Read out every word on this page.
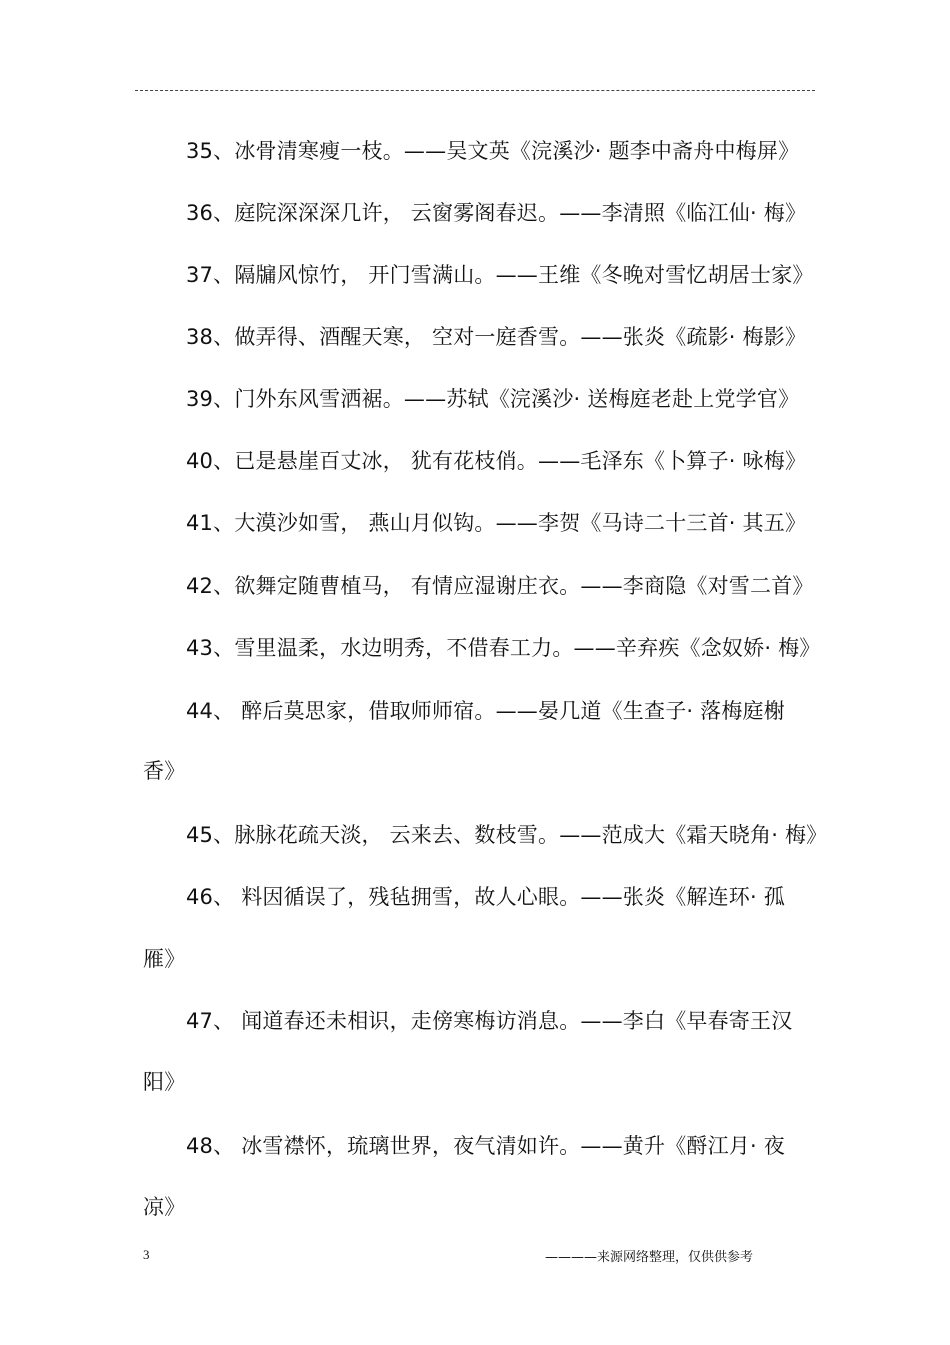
35、冰骨清寒瘦一枝。——吴文英《浣溪沙· 题李中斋舟中梅屏》
36、庭院深深深几许， 云窗雾阁春迟。——李清照《临江仙· 梅》
37、隔牖风惊竹， 开门雪满山。——王维《冬晚对雪忆胡居士家》
38、做弄得、酒醒天寒， 空对一庭香雪。——张炎《疏影· 梅影》
39、门外东风雪洒裾。——苏轼《浣溪沙· 送梅庭老赴上党学官》
40、已是悬崖百丈冰， 犹有花枝俏。——毛泽东《卜算子· 咏梅》
41、大漠沙如雪， 燕山月似钩。——李贺《马诗二十三首· 其五》
42、欲舞定随曹植马， 有情应湿谢庄衣。——李商隐《对雪二首》
43、雪里温柔，水边明秀，不借春工力。——辛弃疾《念奴娇· 梅》
44、 醉后莫思家，借取师师宿。——晏几道《生查子· 落梅庭榭
香》
45、脉脉花疏天淡， 云来去、数枝雪。——范成大《霜天晓角· 梅》
46、 料因循误了，残毡拥雪，故人心眼。——张炎《解连环· 孤
雁》
47、 闻道春还未相识，走傍寒梅访消息。——李白《早春寄王汉
阳》
48、 冰雪襟怀，琉璃世界，夜气清如许。——黄升《酹江月· 夜
凉》
3	————来源网络整理，仅供供参考
